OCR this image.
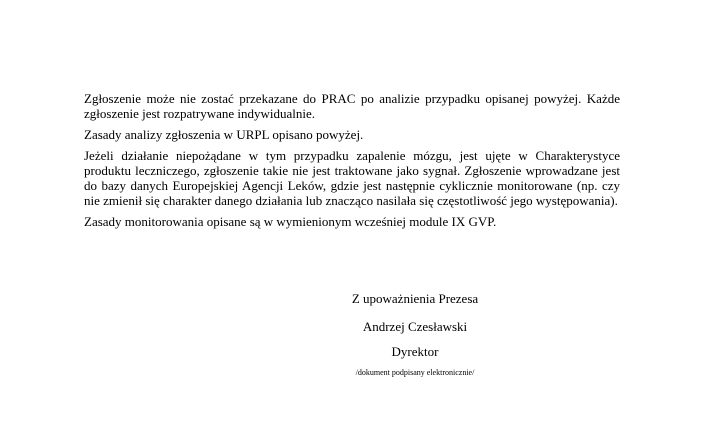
Zgłoszenie może nie zostać przekazane do PRAC po analizie przypadku opisanej powyżej. Każde zgłoszenie jest rozpatrywane indywidualnie.

Zasady analizy zgłoszenia w URPL opisano powyżej.

Jeżeli działanie niepożądane w tym przypadku zapalenie mózgu, jest ujęte w Charakterystyce produktu leczniczego, zgłoszenie takie nie jest traktowane jako sygnał. Zgłoszenie wprowadzane jest do bazy danych Europejskiej Agencji Leków, gdzie jest następnie cyklicznie monitorowane (np. czy nie zmienił się charakter danego działania lub znacząco nasilała się częstotliwość jego występowania).

Zasady monitorowania opisane są w wymienionym wcześniej module IX GVP.

Z upoważnienia Prezesa
Andrzej Czesławski
Dyrektor
/dokument podpisany elektronicznie/
